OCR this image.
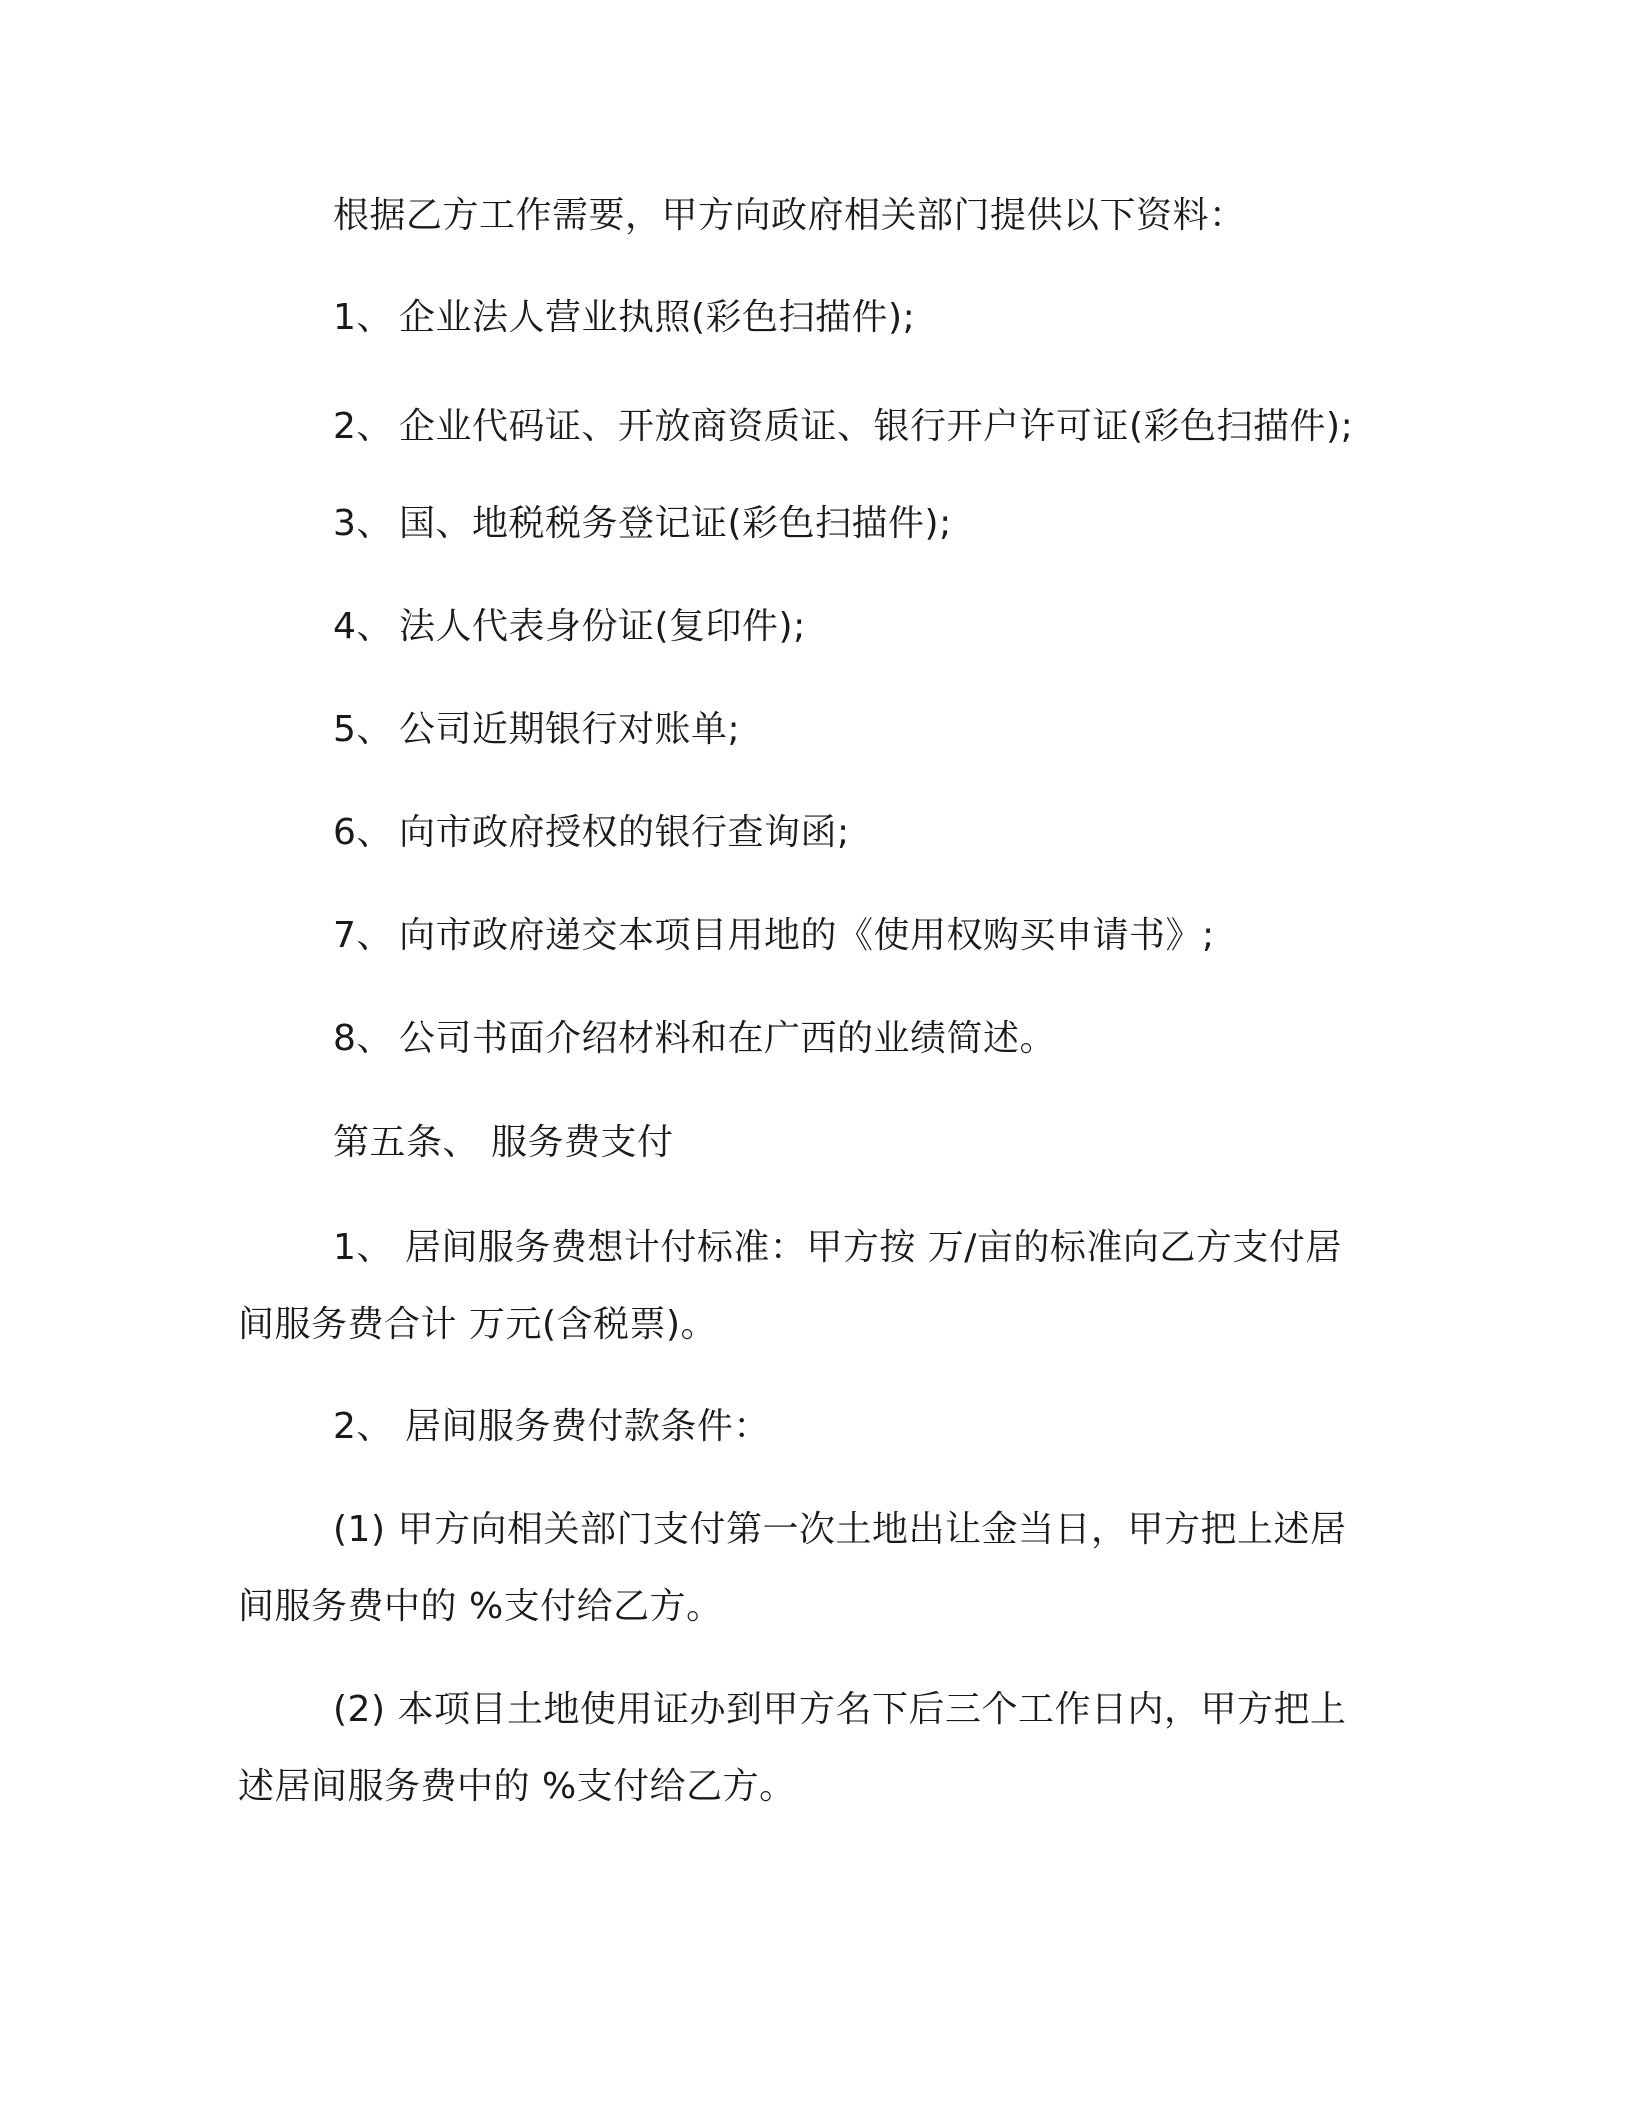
根据乙方工作需要，甲方向政府相关部门提供以下资料：
1、 企业法人营业执照(彩色扫描件);
2、 企业代码证、开放商资质证、银行开户许可证(彩色扫描件);
3、 国、地税税务登记证(彩色扫描件);
4、 法人代表身份证(复印件);
5、 公司近期银行对账单;
6、 向市政府授权的银行查询函;
7、 向市政府递交本项目用地的《使用权购买申请书》;
8、 公司书面介绍材料和在广西的业绩简述。
第五条、 服务费支付
1、 居间服务费想计付标准：甲方按 万/亩的标准向乙方支付居
间服务费合计 万元(含税票)。
2、 居间服务费付款条件：
(1) 甲方向相关部门支付第一次土地出让金当日，甲方把上述居
间服务费中的 %支付给乙方。
(2) 本项目土地使用证办到甲方名下后三个工作日内，甲方把上
述居间服务费中的 %支付给乙方。
